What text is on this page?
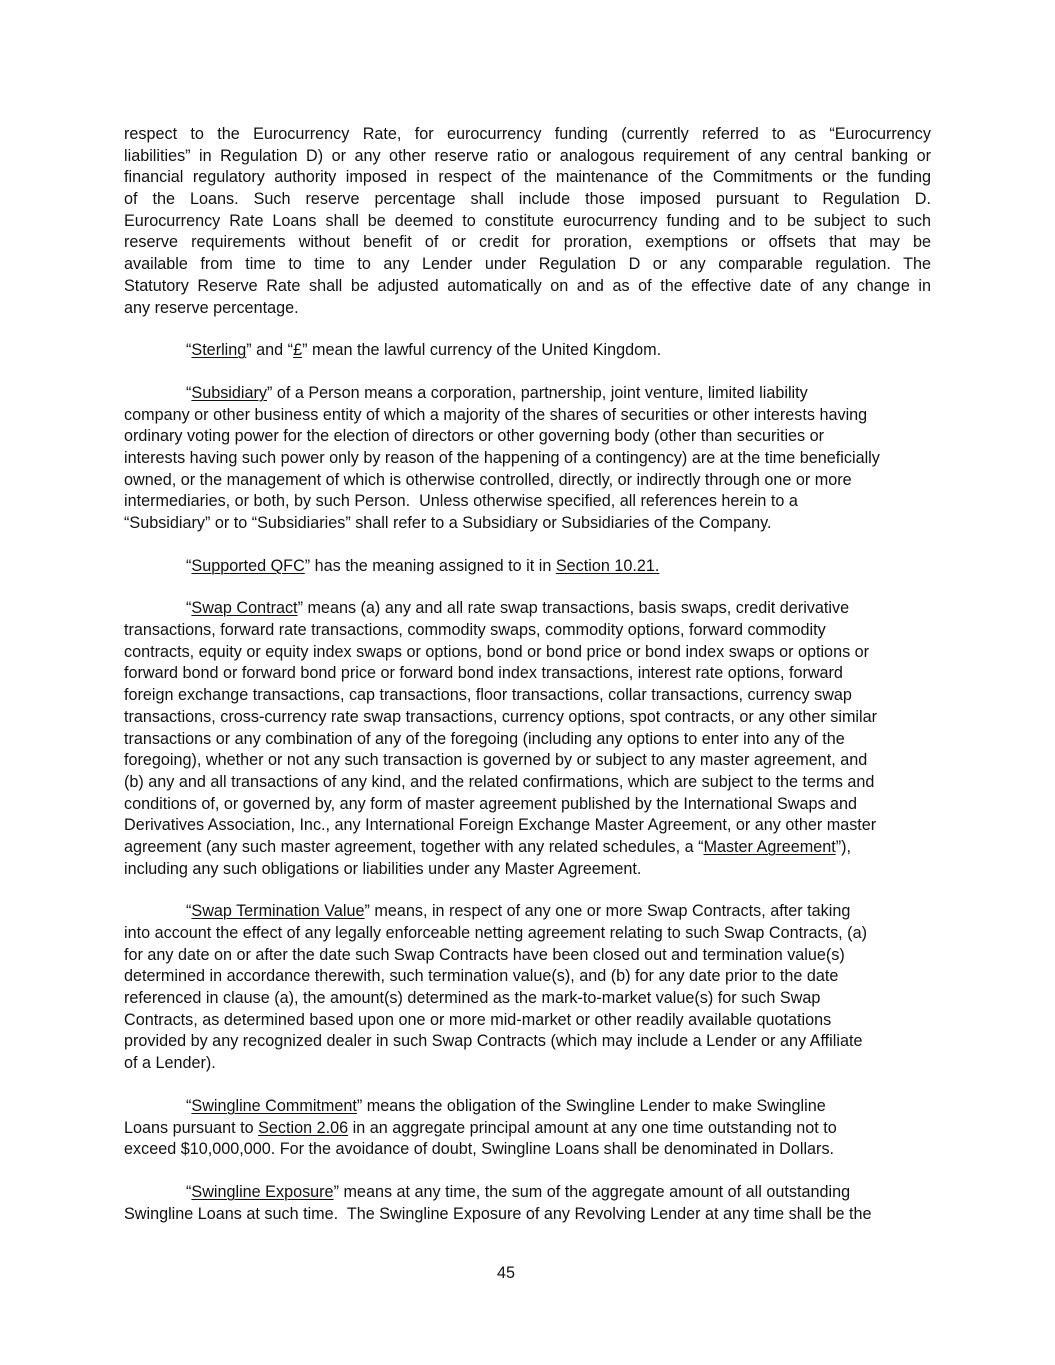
respect to the Eurocurrency Rate, for eurocurrency funding (currently referred to as “Eurocurrency
liabilities” in Regulation D) or any other reserve ratio or analogous requirement of any central banking or
financial regulatory authority imposed in respect of the maintenance of the Commitments or the funding
of the Loans. Such reserve percentage shall include those imposed pursuant to Regulation D.
Eurocurrency Rate Loans shall be deemed to constitute eurocurrency funding and to be subject to such
reserve requirements without benefit of or credit for proration, exemptions or offsets that may be
available from time to time to any Lender under Regulation D or any comparable regulation. The
Statutory Reserve Rate shall be adjusted automatically on and as of the effective date of any change in
any reserve percentage.
“Sterling” and “£” mean the lawful currency of the United Kingdom.
“Subsidiary” of a Person means a corporation, partnership, joint venture, limited liability
company or other business entity of which a majority of the shares of securities or other interests having
ordinary voting power for the election of directors or other governing body (other than securities or
interests having such power only by reason of the happening of a contingency) are at the time beneficially
owned, or the management of which is otherwise controlled, directly, or indirectly through one or more
intermediaries, or both, by such Person.  Unless otherwise specified, all references herein to a
“Subsidiary” or to “Subsidiaries” shall refer to a Subsidiary or Subsidiaries of the Company.
“Supported QFC” has the meaning assigned to it in Section 10.21.
“Swap Contract” means (a) any and all rate swap transactions, basis swaps, credit derivative
transactions, forward rate transactions, commodity swaps, commodity options, forward commodity
contracts, equity or equity index swaps or options, bond or bond price or bond index swaps or options or
forward bond or forward bond price or forward bond index transactions, interest rate options, forward
foreign exchange transactions, cap transactions, floor transactions, collar transactions, currency swap
transactions, cross-currency rate swap transactions, currency options, spot contracts, or any other similar
transactions or any combination of any of the foregoing (including any options to enter into any of the
foregoing), whether or not any such transaction is governed by or subject to any master agreement, and
(b) any and all transactions of any kind, and the related confirmations, which are subject to the terms and
conditions of, or governed by, any form of master agreement published by the International Swaps and
Derivatives Association, Inc., any International Foreign Exchange Master Agreement, or any other master
agreement (any such master agreement, together with any related schedules, a “Master Agreement”),
including any such obligations or liabilities under any Master Agreement.
“Swap Termination Value” means, in respect of any one or more Swap Contracts, after taking
into account the effect of any legally enforceable netting agreement relating to such Swap Contracts, (a)
for any date on or after the date such Swap Contracts have been closed out and termination value(s)
determined in accordance therewith, such termination value(s), and (b) for any date prior to the date
referenced in clause (a), the amount(s) determined as the mark-to-market value(s) for such Swap
Contracts, as determined based upon one or more mid-market or other readily available quotations
provided by any recognized dealer in such Swap Contracts (which may include a Lender or any Affiliate
of a Lender).
“Swingline Commitment” means the obligation of the Swingline Lender to make Swingline
Loans pursuant to Section 2.06 in an aggregate principal amount at any one time outstanding not to
exceed $10,000,000. For the avoidance of doubt, Swingline Loans shall be denominated in Dollars.
“Swingline Exposure” means at any time, the sum of the aggregate amount of all outstanding
Swingline Loans at such time.  The Swingline Exposure of any Revolving Lender at any time shall be the
45
